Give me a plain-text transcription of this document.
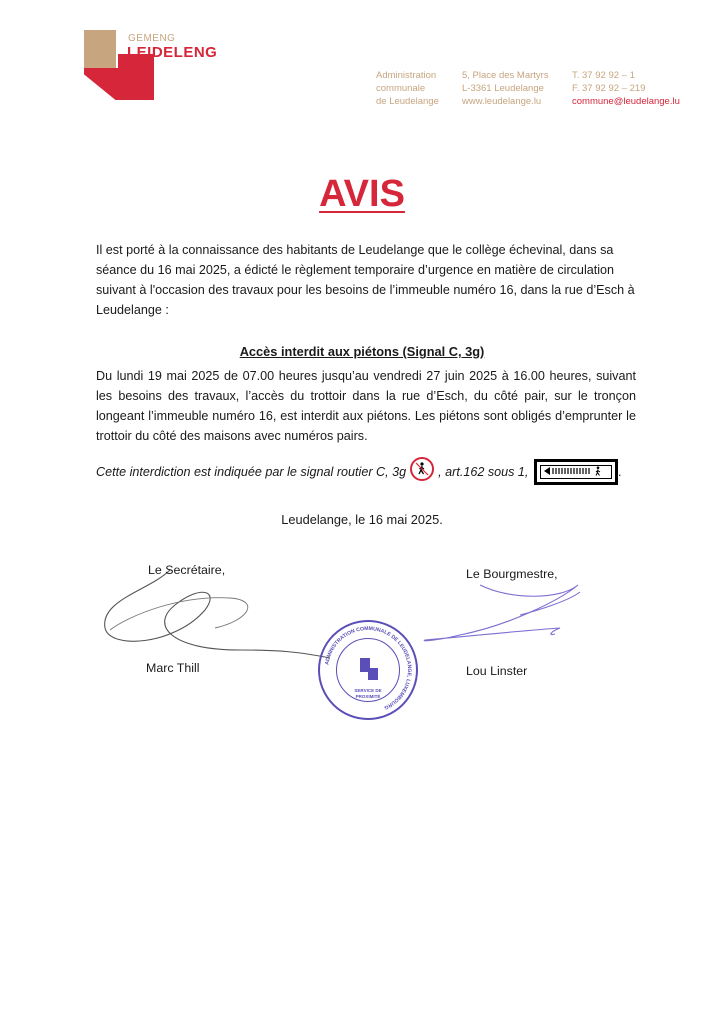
GEMENG
LEIDELENG
Administration
communale
de Leudelange
5, Place des Martyrs
L-3361 Leudelange
www.leudelange.lu
T. 37 92 92 – 1
F. 37 92 92 – 219
commune@leudelange.lu
AVIS
Il est porté à la connaissance des habitants de Leudelange que le collège échevinal, dans sa séance du 16 mai 2025, a édicté le règlement temporaire d’urgence en matière de circulation suivant à l'occasion des travaux pour les besoins de l’immeuble numéro 16, dans la rue d’Esch à Leudelange :
Accès interdit aux piétons (Signal C, 3g)
Du lundi 19 mai 2025 de 07.00 heures jusqu’au vendredi 27 juin 2025 à 16.00 heures, suivant les besoins des travaux, l’accès du trottoir dans la rue d’Esch, du côté pair, sur le tronçon longeant l’immeuble numéro 16, est interdit aux piétons. Les piétons sont obligés d’emprunter le trottoir du côté des maisons avec numéros pairs.
Cette interdiction est indiquée par le signal routier C, 3g	, art.162 sous 1,	.
Leudelange, le 16 mai 2025.
Le Secrétaire,	Le Bourgmestre,
Marc Thill	Lou Linster
ADMINISTRATION COMMUNALE DE LEUDELANGE, LUXEMBOURG
SERVICE DE
PROXIMITÉ
